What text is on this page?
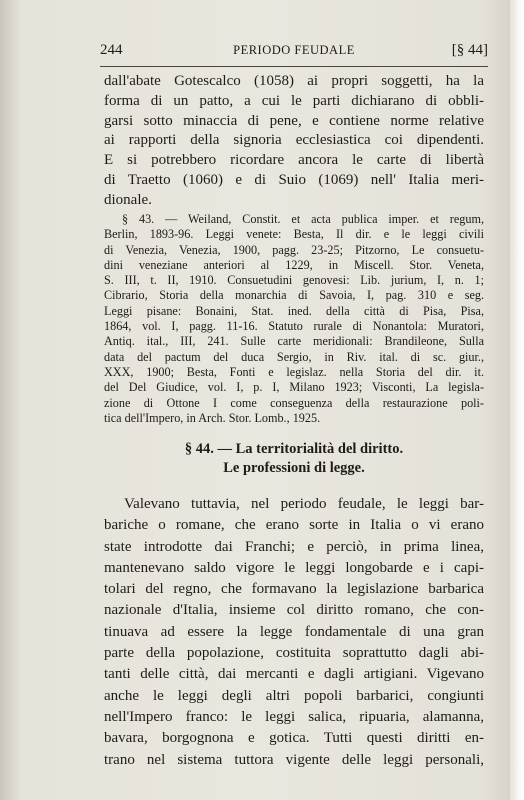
244	PERIODO FEUDALE	[§ 44]
dall'abate Gotescalco (1058) ai propri soggetti, ha la
forma di un patto, a cui le parti dichiarano di obbli-
garsi sotto minaccia di pene, e contiene norme relative
ai rapporti della signoria ecclesiastica coi dipendenti.
E si potrebbero ricordare ancora le carte di libertà
di Traetto (1060) e di Suio (1069) nell' Italia meri-
dionale.
§ 43. — Weiland, Constit. et acta publica imper. et regum,
Berlin, 1893-96. Leggi venete: Besta, Il dir. e le leggi civili
di Venezia, Venezia, 1900, pagg. 23-25; Pitzorno, Le consuetu-
dini veneziane anteriori al 1229, in Miscell. Stor. Veneta,
S. III, t. II, 1910. Consuetudini genovesi: Lib. jurium, I, n. 1;
Cibrario, Storia della monarchia di Savoia, I, pag. 310 e seg.
Leggi pisane: Bonaini, Stat. ined. della città di Pisa, Pisa,
1864, vol. I, pagg. 11-16. Statuto rurale di Nonantola: Muratori,
Antiq. ital., III, 241. Sulle carte meridionali: Brandileone, Sulla
data del pactum del duca Sergio, in Riv. ital. di sc. giur.,
XXX, 1900; Besta, Fonti e legislaz. nella Storia del dir. it.
del Del Giudice, vol. I, p. I, Milano 1923; Visconti, La legisla-
zione di Ottone I come conseguenza della restaurazione poli-
tica dell'Impero, in Arch. Stor. Lomb., 1925.
§ 44. — La territorialità del diritto.
Le professioni di legge.
Valevano tuttavia, nel periodo feudale, le leggi bar-
bariche o romane, che erano sorte in Italia o vi erano
state introdotte dai Franchi; e perciò, in prima linea,
mantenevano saldo vigore le leggi longobarde e i capi-
tolari del regno, che formavano la legislazione barbarica
nazionale d'Italia, insieme col diritto romano, che con-
tinuava ad essere la legge fondamentale di una gran
parte della popolazione, costituita soprattutto dagli abi-
tanti delle città, dai mercanti e dagli artigiani. Vigevano
anche le leggi degli altri popoli barbarici, congiunti
nell'Impero franco: le leggi salica, ripuaria, alamanna,
bavara, borgognona e gotica. Tutti questi diritti en-
trano nel sistema tuttora vigente delle leggi personali,
